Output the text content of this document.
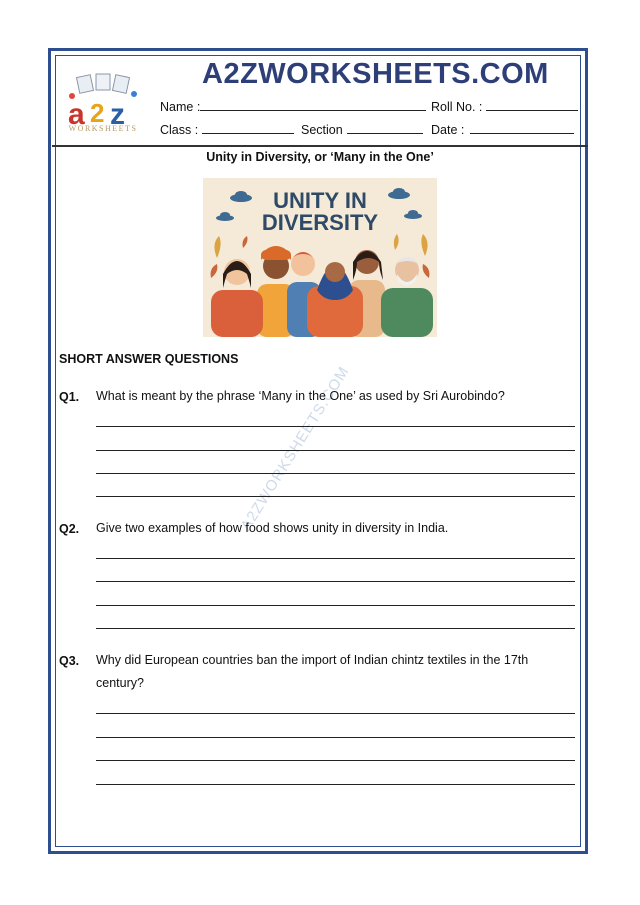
a 2 z
WORKSHEETS
A2ZWORKSHEETS.COM
Name :	Roll No. :
Class :	Section	Date :
Unity in Diversity, or ‘Many in the One’
UNITY IN
DIVERSITY
A2ZWORKSHEETS.COM
SHORT ANSWER QUESTIONS
Q1. What is meant by the phrase ‘Many in the One’ as used by Sri Aurobindo?
Q2. Give two examples of how food shows unity in diversity in India.
Q3. Why did European countries ban the import of Indian chintz textiles in the 17th century?
